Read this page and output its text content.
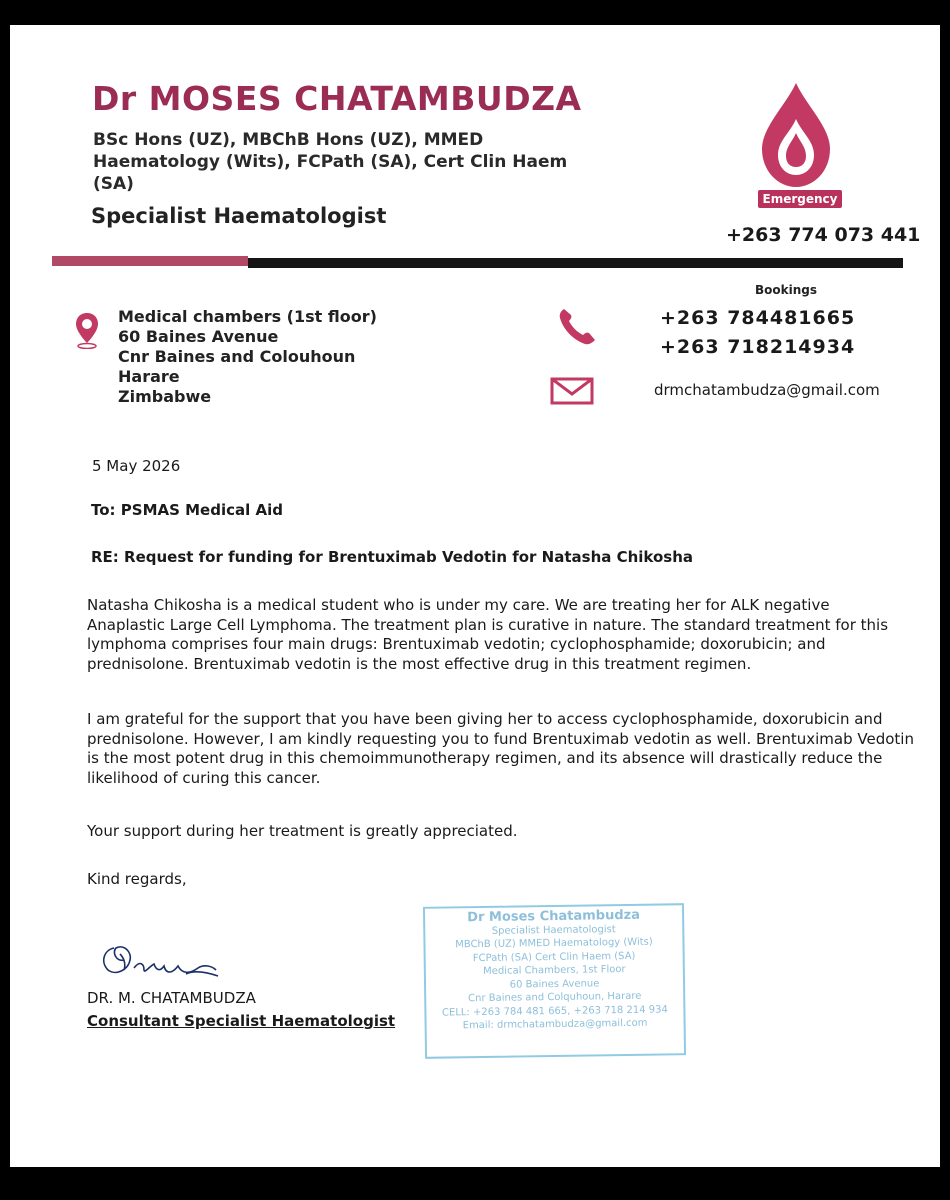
Dr MOSES CHATAMBUDZA
BSc Hons (UZ), MBChB Hons (UZ), MMED Haematology (Wits), FCPath (SA), Cert Clin Haem (SA)
Specialist Haematologist
Emergency
+263 774 073 441
Medical chambers (1st floor)
60 Baines Avenue
Cnr Baines and Colouhoun
Harare
Zimbabwe
Bookings
+263 784481665
+263 718214934
drmchatambudza@gmail.com
5 May 2026
To: PSMAS Medical Aid
RE: Request for funding for Brentuximab Vedotin for Natasha Chikosha
Natasha Chikosha is a medical student who is under my care. We are treating her for ALK negative Anaplastic Large Cell Lymphoma. The treatment plan is curative in nature. The standard treatment for this lymphoma comprises four main drugs: Brentuximab vedotin; cyclophosphamide; doxorubicin; and prednisolone. Brentuximab vedotin is the most effective drug in this treatment regimen.
I am grateful for the support that you have been giving her to access cyclophosphamide, doxorubicin and prednisolone. However, I am kindly requesting you to fund Brentuximab vedotin as well. Brentuximab Vedotin is the most potent drug in this chemoimmunotherapy regimen, and its absence will drastically reduce the likelihood of curing this cancer.
Your support during her treatment is greatly appreciated.
Kind regards,
DR. M. CHATAMBUDZA
Consultant Specialist Haematologist
Dr Moses Chatambudza
Specialist Haematologist
MBChB (UZ) MMED Haematology (Wits)
FCPath (SA) Cert Clin Haem (SA)
Medical Chambers, 1st Floor
60 Baines Avenue
Cnr Baines and Colquhoun, Harare
CELL: +263 784 481 665, +263 718 214 934
Email: drmchatambudza@gmail.com
